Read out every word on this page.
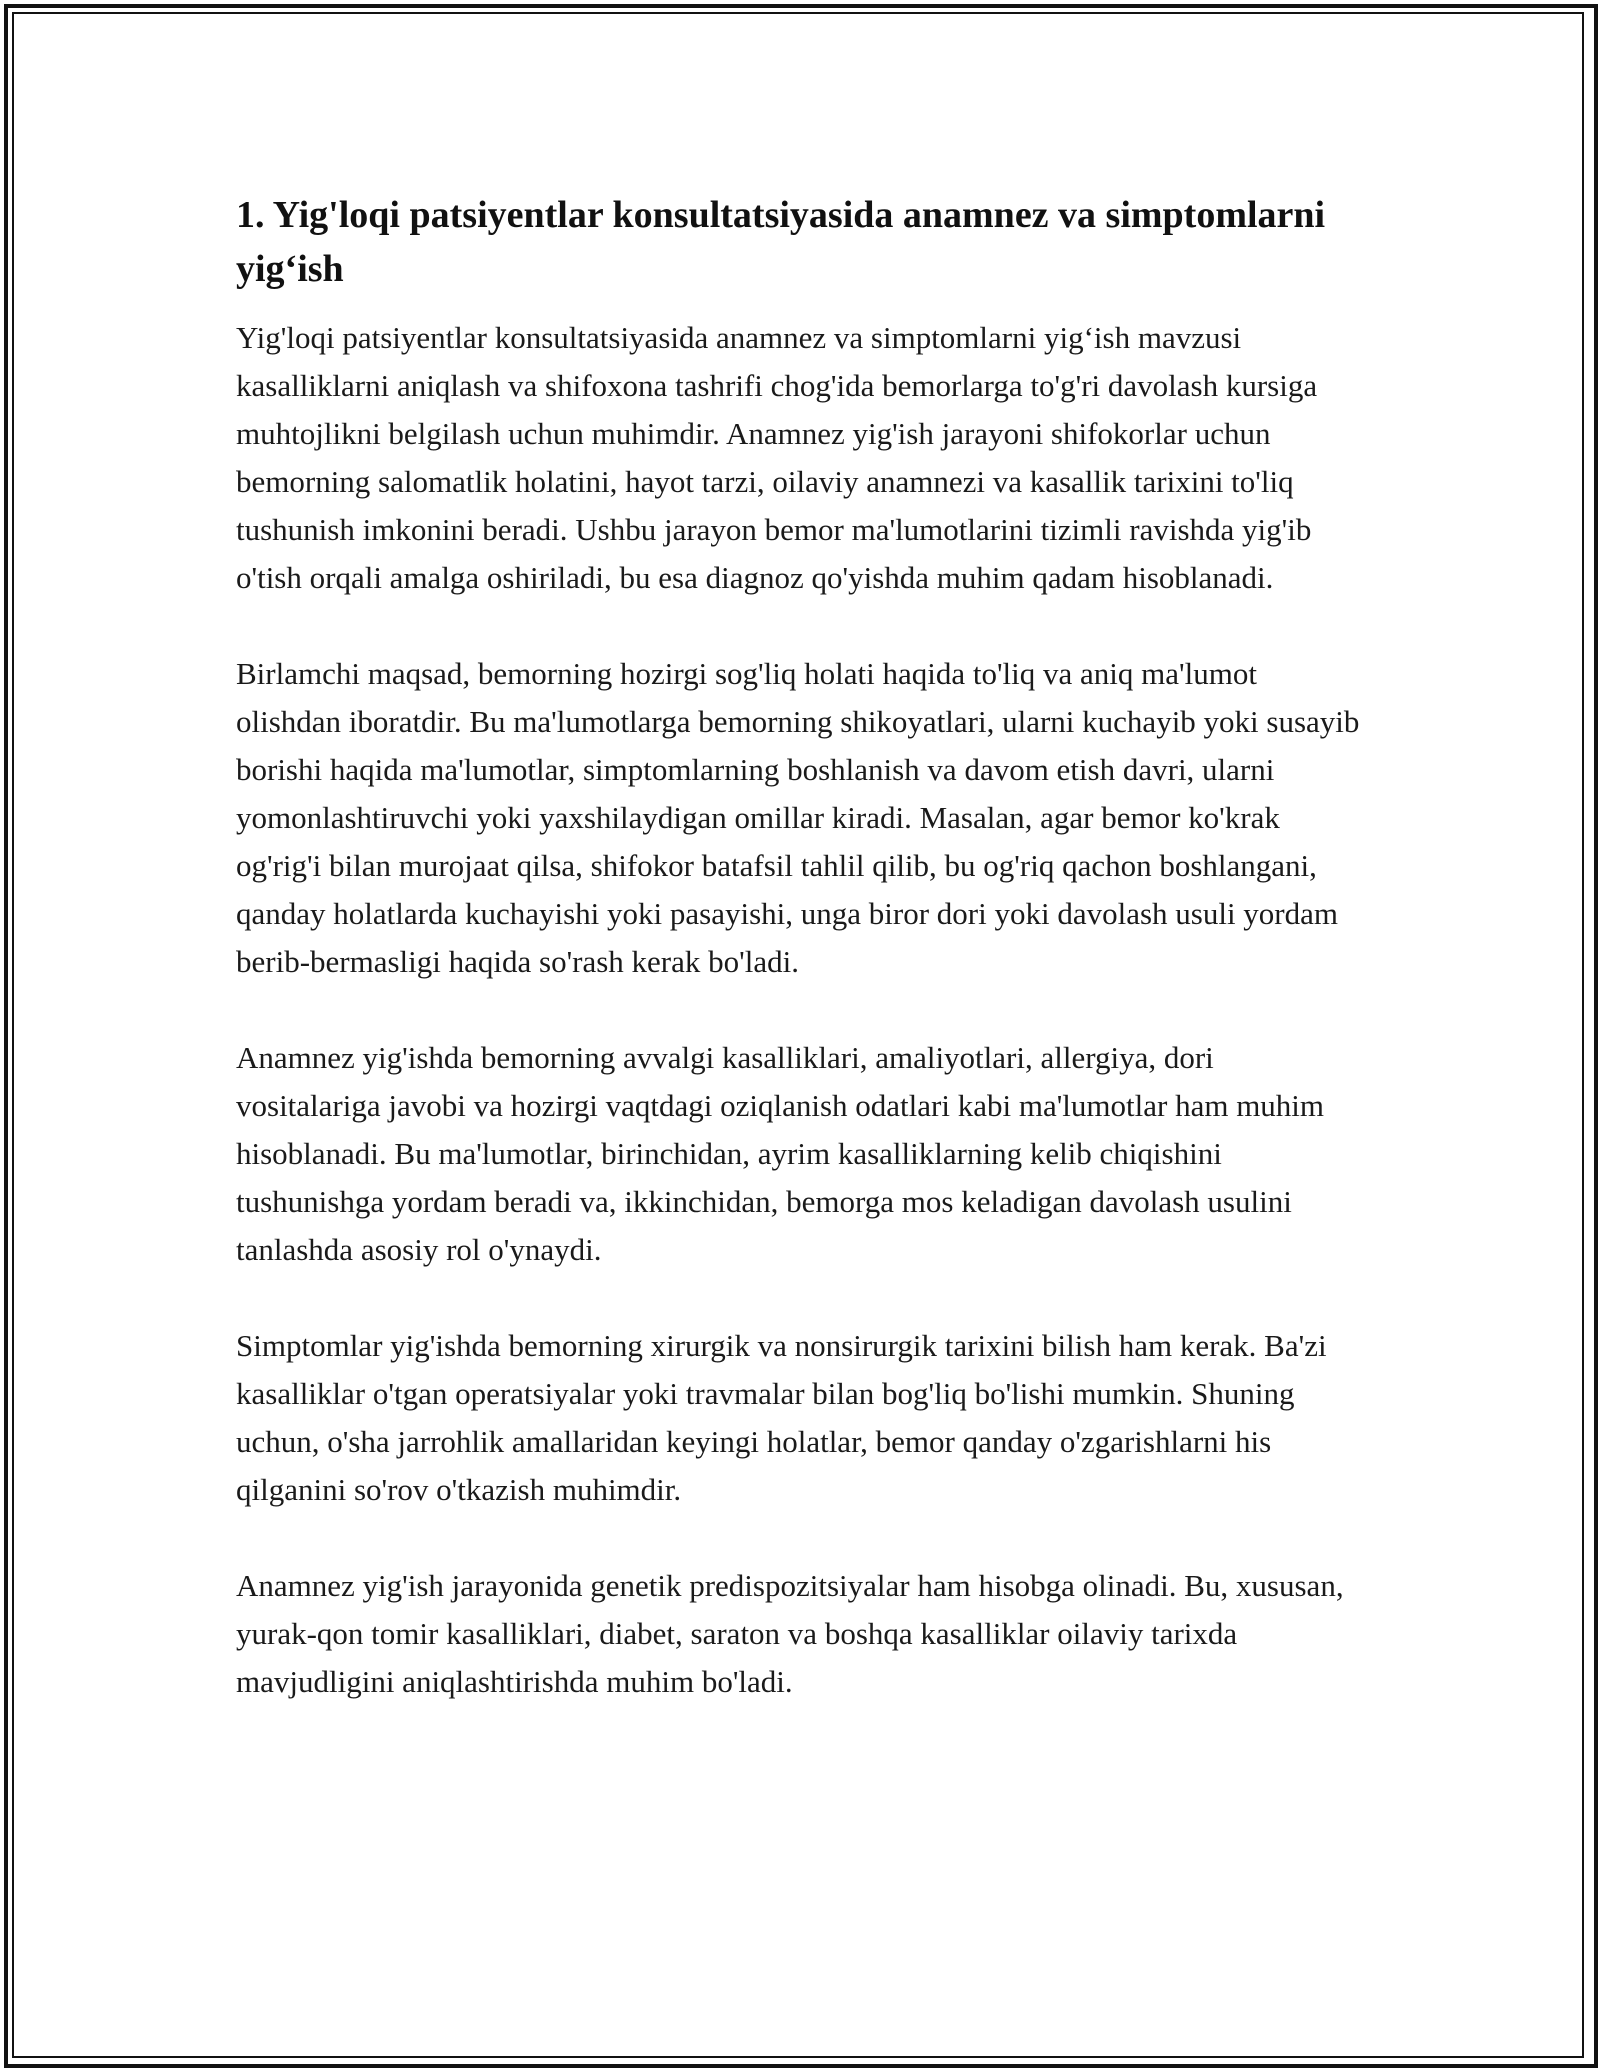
1. Yig'loqi patsiyentlar konsultatsiyasida anamnez va simptomlarni yig‘ish

Yig'loqi patsiyentlar konsultatsiyasida anamnez va simptomlarni yig‘ish mavzusi kasalliklarni aniqlash va shifoxona tashrifi chog'ida bemorlarga to'g'ri davolash kursiga muhtojlikni belgilash uchun muhimdir. Anamnez yig'ish jarayoni shifokorlar uchun bemorning salomatlik holatini, hayot tarzi, oilaviy anamnezi va kasallik tarixini to'liq tushunish imkonini beradi. Ushbu jarayon bemor ma'lumotlarini tizimli ravishda yig'ib o'tish orqali amalga oshiriladi, bu esa diagnoz qo'yishda muhim qadam hisoblanadi.

Birlamchi maqsad, bemorning hozirgi sog'liq holati haqida to'liq va aniq ma'lumot olishdan iboratdir. Bu ma'lumotlarga bemorning shikoyatlari, ularni kuchayib yoki susayib borishi haqida ma'lumotlar, simptomlarning boshlanish va davom etish davri, ularni yomonlashtiruvchi yoki yaxshilaydigan omillar kiradi. Masalan, agar bemor ko'krak og'rig'i bilan murojaat qilsa, shifokor batafsil tahlil qilib, bu og'riq qachon boshlangani, qanday holatlarda kuchayishi yoki pasayishi, unga biror dori yoki davolash usuli yordam berib-bermasligi haqida so'rash kerak bo'ladi.

Anamnez yig'ishda bemorning avvalgi kasalliklari, amaliyotlari, allergiya, dori vositalariga javobi va hozirgi vaqtdagi oziqlanish odatlari kabi ma'lumotlar ham muhim hisoblanadi. Bu ma'lumotlar, birinchidan, ayrim kasalliklarning kelib chiqishini tushunishga yordam beradi va, ikkinchidan, bemorga mos keladigan davolash usulini tanlashda asosiy rol o'ynaydi.

Simptomlar yig'ishda bemorning xirurgik va nonsirurgik tarixini bilish ham kerak. Ba'zi kasalliklar o'tgan operatsiyalar yoki travmalar bilan bog'liq bo'lishi mumkin. Shuning uchun, o'sha jarrohlik amallaridan keyingi holatlar, bemor qanday o'zgarishlarni his qilganini so'rov o'tkazish muhimdir.

Anamnez yig'ish jarayonida genetik predispozitsiyalar ham hisobga olinadi. Bu, xususan, yurak-qon tomir kasalliklari, diabet, saraton va boshqa kasalliklar oilaviy tarixda mavjudligini aniqlashtirishda muhim bo'ladi.
